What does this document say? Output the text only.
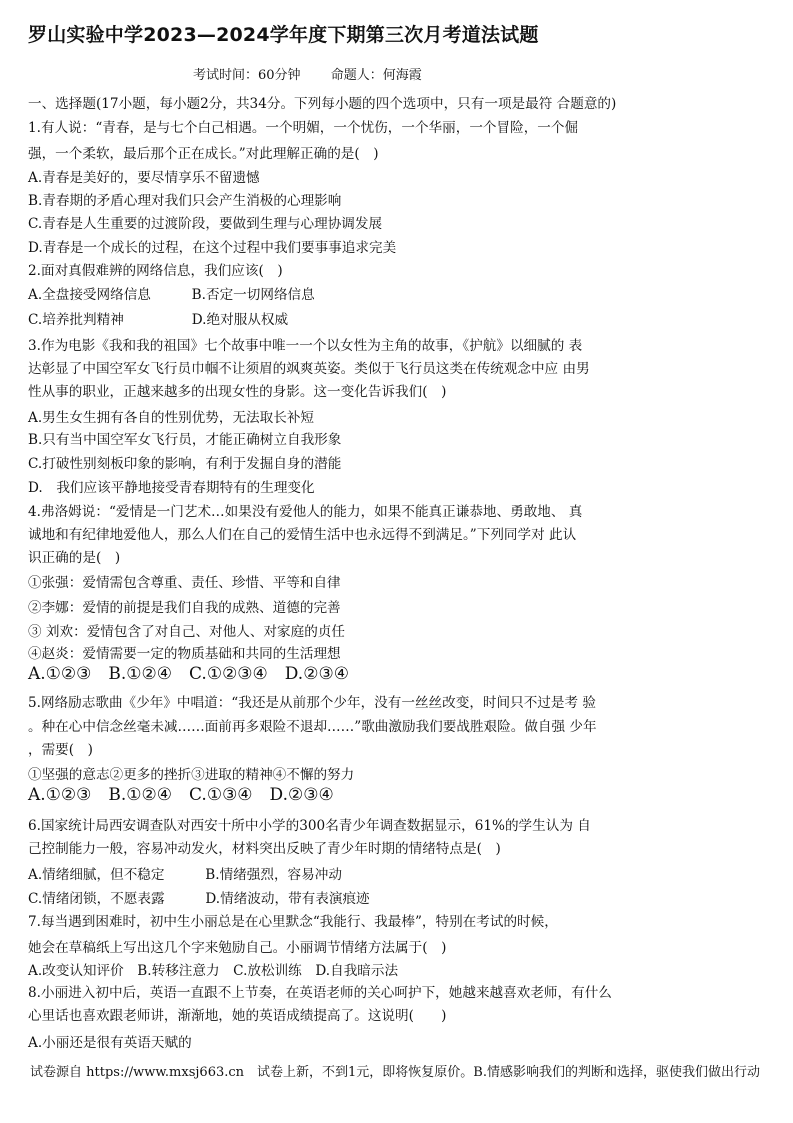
罗山实验中学2023—2024学年度下期第三次月考道法试题
考试时间：60分钟 命题人：何海霞
一、选择题(17小题，每小题2分，共34分。下列每小题的四个选项中，只有一项是最符 合题意的)
1.有人说：“青春，是与七个白己相遇。一个明媚，一个忧伤，一个华丽，一个冒险，一个倔
强，一个柔软，最后那个正在成长。”对此理解正确的是(　)
A.青春是美好的，要尽情享乐不留遗憾
B.青春期的矛盾心理对我们只会产生消极的心理影响
C.青春是人生重要的过渡阶段，要做到生理与心理协调发展
D.青春是一个成长的过程，在这个过程中我们要事事追求完美
2.面对真假难辨的网络信息，我们应该(　)
A.全盘接受网络信息　　　B.否定一切网络信息
C.培养批判精神　　　　　D.绝对服从权威
3.作为电影《我和我的祖国》七个故事中唯一一个以女性为主角的故事，《护航》以细腻的 表
达彰显了中国空军女飞行员巾帼不让须眉的飒爽英姿。类似于飞行员这类在传统观念中应 由男
性从事的职业，正越来越多的出现女性的身影。这一变化告诉我们(　)
A.男生女生拥有各自的性别优势，无法取长补短
B.只有当中国空军女飞行员，才能正确树立自我形象
C.打破性别刻板印象的影响，有利于发掘自身的潜能
D.　我们应该平静地接受青春期特有的生理变化
4.弗洛姆说：“爱情是一门艺术…如果没有爱他人的能力，如果不能真正谦恭地、勇敢地、 真
诚地和有纪律地爱他人，那么人们在自己的爱情生活中也永远得不到满足。”下列同学对 此认
识正确的是(　)
①张强：爱情需包含尊重、责任、珍惜、平等和自律
②李娜：爱情的前提是我们自我的成熟、道德的完善
③ 刘欢：爱情包含了对自己、对他人、对家庭的贞任
④赵炎：爱情需要一定的物质基础和共同的生活理想
A.①②③　B.①②④　C.①②③④　D.②③④
5.网络励志歌曲《少年》中唱道：“我还是从前那个少年，没有一丝丝改变，时间只不过是考 验
。种在心中信念丝毫未减……面前再多艰险不退却……”歌曲激励我们要战胜艰险。做自强 少年
，需要(　)
①坚强的意志②更多的挫折③进取的精神④不懈的努力
A.①②③　B.①②④　C.①③④　D.②③④
6.国家统计局西安调查队对西安十所中小学的300名青少年调查数据显示，61%的学生认为 自
己控制能力一般，容易冲动发火，材料突出反映了青少年时期的情绪特点是(　)
A.情绪细腻，但不稳定　　　B.情绪强烈，容易冲动
C.情绪闭锁，不愿表露　　　D.情绪波动，带有表演痕迹
7.每当遇到困难时，初中生小丽总是在心里默念“我能行、我最棒”，特别在考试的时候，
她会在草稿纸上写出这几个字来勉励自己。小丽调节情绪方法属于(　)
A.改变认知评价　B.转移注意力　C.放松训练　D.自我暗示法
8.小丽进入初中后，英语一直跟不上节奏，在英语老师的关心呵护下，她越来越喜欢老师，有什么
心里话也喜欢跟老师讲，渐渐地，她的英语成绩提高了。这说明(　　)
A.小丽还是很有英语天赋的
试卷源自 https://www.mxsj663.cn　试卷上新，不到1元，即将恢复原价。B.情感影响我们的判断和选择，驱使我们做出行动
